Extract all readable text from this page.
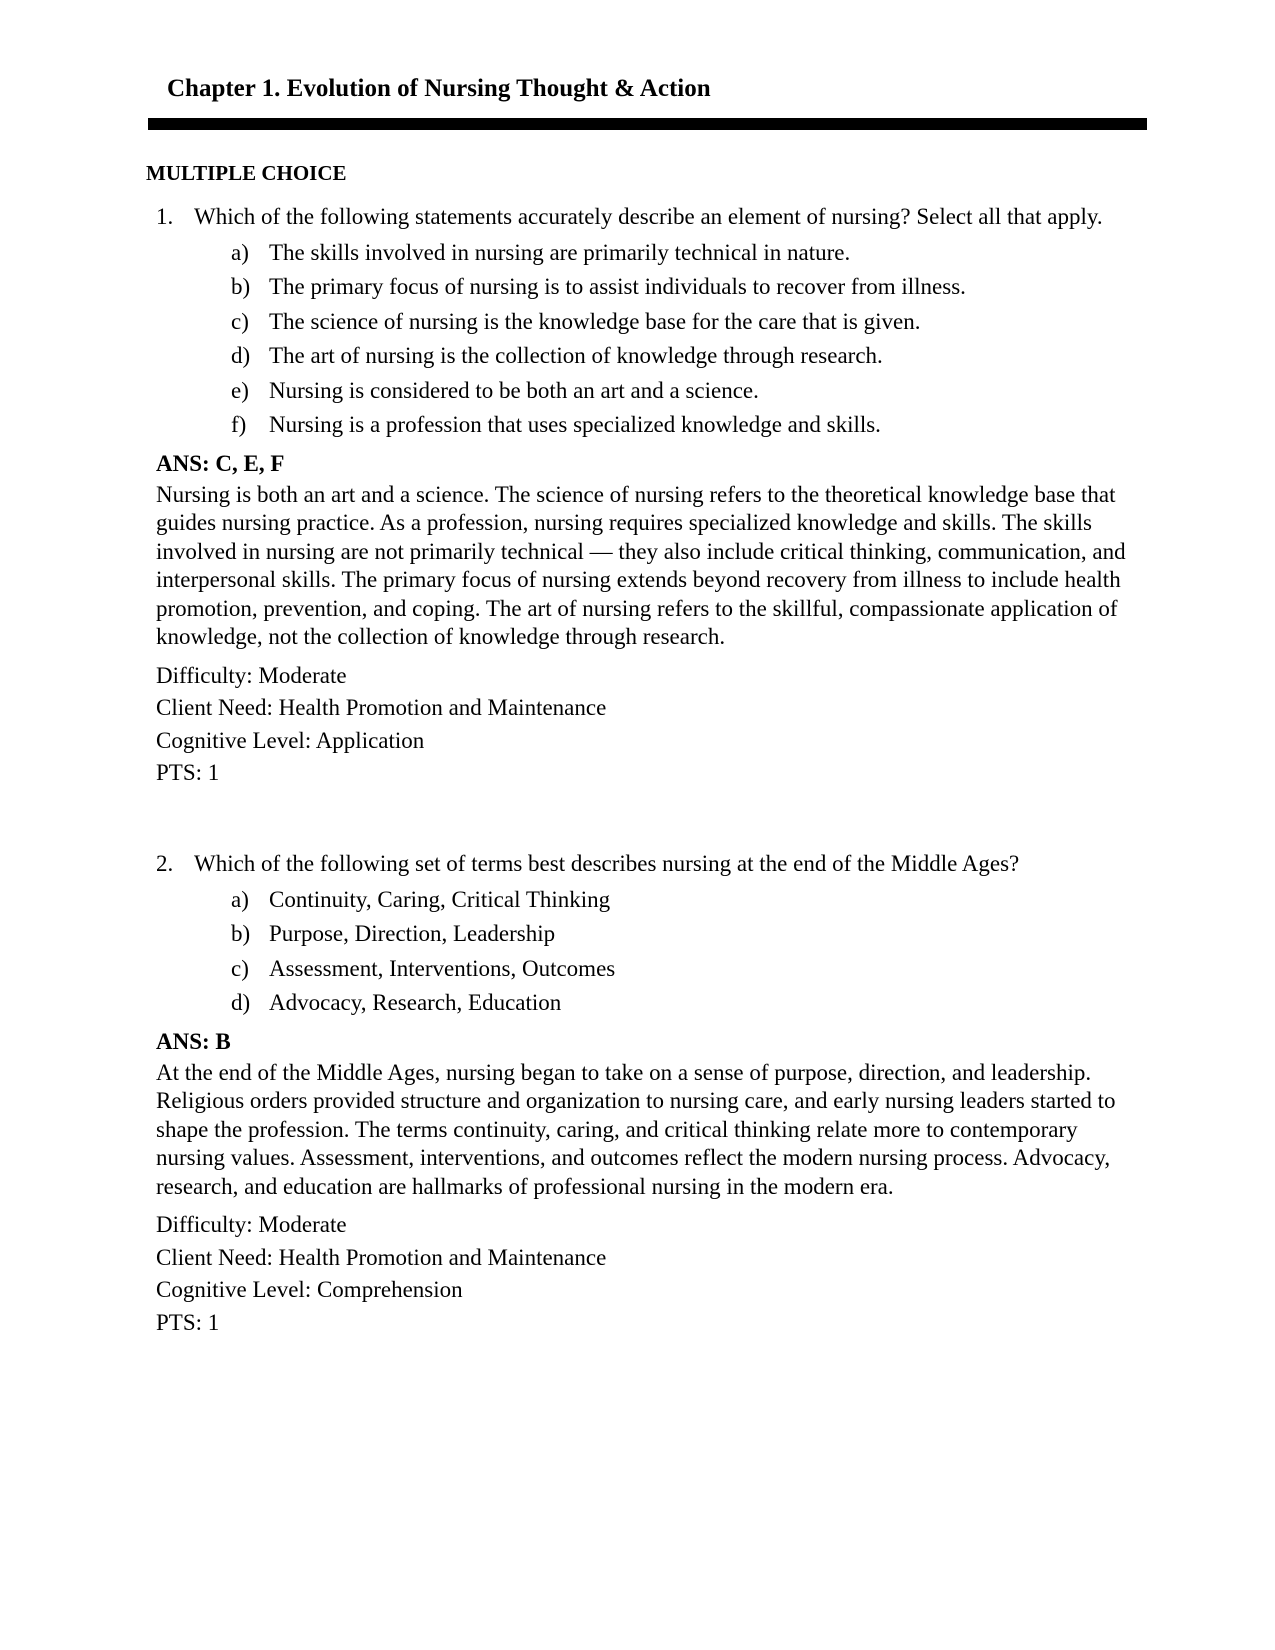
Chapter 1. Evolution of Nursing Thought & Action
MULTIPLE CHOICE

1. Which of the following statements accurately describe an element of nursing? Select all that apply.

a) The skills involved in nursing are primarily technical in nature.
b) The primary focus of nursing is to assist individuals to recover from illness.
c) The science of nursing is the knowledge base for the care that is given.
d) The art of nursing is the collection of knowledge through research.
e) Nursing is considered to be both an art and a science.
f) Nursing is a profession that uses specialized knowledge and skills.
ANS: C, E, F

Nursing is both an art and a science. The science of nursing refers to the theoretical knowledge base that guides nursing practice. As a profession, nursing requires specialized knowledge and skills. The skills involved in nursing are not primarily technical — they also include critical thinking, communication, and interpersonal skills. The primary focus of nursing extends beyond recovery from illness to include health promotion, prevention, and coping. The art of nursing refers to the skillful, compassionate application of knowledge, not the collection of knowledge through research.

Difficulty: Moderate
Client Need: Health Promotion and Maintenance
Cognitive Level: Application
PTS: 1

2. Which of the following set of terms best describes nursing at the end of the Middle Ages?

a) Continuity, Caring, Critical Thinking
b) Purpose, Direction, Leadership
c) Assessment, Interventions, Outcomes
d) Advocacy, Research, Education
ANS: B

At the end of the Middle Ages, nursing began to take on a sense of purpose, direction, and leadership. Religious orders provided structure and organization to nursing care, and early nursing leaders started to shape the profession. The terms continuity, caring, and critical thinking relate more to contemporary nursing values. Assessment, interventions, and outcomes reflect the modern nursing process. Advocacy, research, and education are hallmarks of professional nursing in the modern era.

Difficulty: Moderate
Client Need: Health Promotion and Maintenance
Cognitive Level: Comprehension
PTS: 1
